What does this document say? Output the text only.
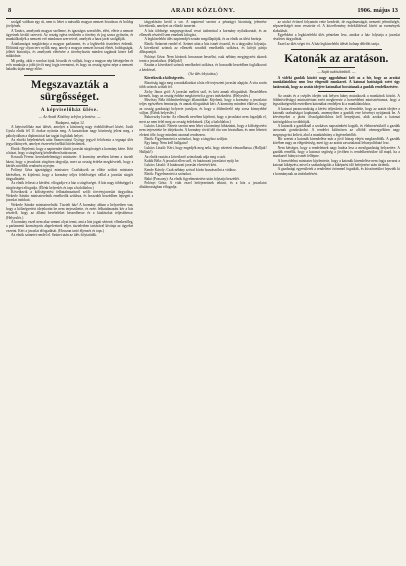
8	ARADI KÖZLÖNY.	1906. május 13

szolgál valóban egy út, nem is lehet a második magyar nemzet hivatásos és boldog jövőjének.

A Tanács, amelynek magyar szelleme, és igazságos szerződés, eléri, elérte a nemzet ügyeinek kiváló szerveit. Az ország egész területén a törvény és jog szava győzzön, és munkálkodjék a nemzeti erő mindazon szerveivel, amelyek a haza javát szolgálják.

Ártatlanságot megkívánja a magyar parlament, és a leghívebb tiszteletet érdemli. Előttünk egy olyan terv nyílik meg, amely a magyar nemzet hosszú életét, boldogságát, jólétét biztosítja, és amelynek elérésére a törvényhozás minden tagjának közre kell működnie.

Mi pedig, akik e sorokat írjuk, hisszük és valljuk, hogy a magyar nép kétségtelen és erős munkája a jobb jövőt meg fogja teremteni, és hogy az ország egész népe a nemzeti haladás útján megy előre.

Megszavazták a sürgősséget.
A képviselőház ülése.
— Az Aradi Közlöny telefon jelentése. —
Budapest, május 12

A képviselőház mai ülését, amelyet a közönség nagy érdeklődéssel kísért, Justh Gyula elnök fél 11 órakor nyitotta meg. A karzatokon nagy közönség jelent meg, a páholyokban a diplomáciai kar tagjai foglaltak helyet.

Az elnöki bejelentések után Szmrecsányi György jegyző felolvasta a tegnapi ülés jegyzőkönyvét, amelyet észrevétel nélkül hitelesítettek.

Elnök: Bejelenti, hogy a napirendre tűzött javaslat sürgősségét a kormány kérte. Kéri a házat, hogy a sürgősség kérdésében határozzon.

Kossuth Ferenc kereskedelemügyi miniszter: A kormány nevében kérem a tisztelt házat, hogy a javaslatot sürgősen tárgyalja, mert az ország érdeke megköveteli, hogy a kérdés mielőbb rendezést nyerjen.

Polónyi Géza igazságügyi miniszter: Csatlakozik az előtte szólott miniszter kéréséhez, és kijelenti, hogy a kormány teljes felelősséget vállal a javaslat sürgős tárgyalásáért.

Az elnök felteszi a kérdést: elfogadja-e a ház a sürgősséget. A ház nagy többséggel a sürgősséget elfogadja. (Élénk helyeslés és taps a baloldalon.)

Következik a költségvetési felhatalmazásról szóló törvényjavaslat tárgyalása. Wekerle Sándor miniszterelnök emelkedik szólásra, és hosszabb beszédben fejtegeti a javaslat indokait.

Wekerle Sándor miniszterelnök: Tisztelt ház! A kormány abban a helyzetben van, hogy a költségvetést idejekorán be nem terjeszthette, és ezért felhatalmazást kér a ház részéről, hogy az állami bevételeket beszedhesse és a kiadásokat teljesíthesse. (Helyeslés.)

A kormány ezzel nem akar semmi olyat tenni, ami a ház jogait sértené, ellenkezőleg, a parlamenti kormányzás alapelveinek teljes tiszteletben tartásával kívánja az ügyeket vezetni. Kéri a javaslat elfogadását. (Hosszan tartó éljenzés és taps.)

Az elnök szünetet rendel el. Szünet után az ülés folytatódik.

tárgyalására kerül a sor. A napirend szerint a pénzügyi bizottság jelentése következik, amelyet az előadó ismertet.

A ház többsége megnyugvással veszi tudomásul a kormány nyilatkozatát, és az ellenzék részéről sem emelnek kifogást.

A legközelebbi ülés napirendjét ezután megállapítják, és az elnök az ülést bezárja.

Elnök: Szünetet rendel el. Szünet után a ház ismét összeül, és a tárgyalást folytatja. A következő szónok az ellenzék soraiból emelkedik szólásra, és kifejti pártja álláspontját.

Polónyi Géza: Nem kívánok hosszasan beszélni, csak néhány megjegyzést akarok tenni a javaslathoz. (Halljuk!)

Ezután a következő szónok emelkedett szólásra, és hosszabb beszédben foglalkozott a kérdéssel.

(Az ülés folytatása.)

Következik a költségvetés.

Bizottság tagja meg a munkálatokat a ház elé terjesztett javaslat alapján. A vita során több szónok szólalt fel.

Zichy János gróf: A javaslat mellett szól, és kéri annak elfogadását. Beszédében kiemeli, hogy az ország érdeke megköveteli a gyors intézkedést. (Helyeslés.)

Mezőssy Béla földművelésügyi államtitkár: Kijelenti, hogy a kormány a javaslatot teljes egészében fenntartja, és annak elfogadását kéri. A kormány mindent elkövet, hogy az ország gazdasági helyzete javuljon, és hogy a földművelő nép sorsa könnyebbé váljon. (Élénk helyeslés.)

Rakovszky István: Az ellenzék nevében kijelenti, hogy a javaslatot nem fogadják el, mert az nem felel meg az ország érdekeinek. (Zaj a baloldalon.)

Lukács László: Nézete szerint nem lehet a kormányt hibáztatni, hogy a költségvetést nem terjesztette be idejekorán. A kormány rövid idő óta van hivatalban, és nem lehetett elvárni tőle, hogy mindent azonnal rendezzen.

Elnök: Figyelmezteti a szónokot, hogy a tárgyhoz szóljon.

Egy hang: Nem kell hallgatni!

Lukács László: Kéri, hogy engedjék meg neki, hogy nézeteit elmondhassa. (Halljuk! Halljuk!)

Az elnök ezután a következő szónoknak adja meg a szót.

Kubik Béla: A javaslat ellen szól, és határozati javaslatot nyújt be.

Lukács László: A határozati javaslat elvetését kéri.

Kende Károly: Csak néhány szóval kíván hozzászólni a vitához.

Elnök: Figyelmezteti a szónokot.

Bakó (Pozsony): Az elnök figyelmeztetése után folytatja beszédét.

Polónyi Géza: A vitát ezzel befejezettnek tekinti, és a ház a javaslatot általánosságban elfogadja.

az utolsó évtized folyamán vette kezdetét, de rugalmasságát, nemzeti jelentőségét, népszerűségét nem vesztette el. A közvélemény érdeklődéssel kíséri az események alakulását.

Egyébként a legközelebbi ülés pénteken lesz, amikor a ház folytatja a javaslat részletes tárgyalását.

Ezzel az ülés véget ért. A ház legközelebbi ülését holnap délelőtt tartja.

Katonák az aratáson.
— Saját tudósítónktól. —

A vidéki gazdák között nagy aggodalmat kelt az a hír, hogy az aratási munkálatokhoz nem lesz elegendő munkaerő. A katonai hatóságok ezért úgy határoztak, hogy az aratás idejére katonákat bocsátanak a gazdák rendelkezésére.

Az aratás és a cséplés idején sok helyen hiány mutatkozik a munkások között. A földmívelésügyi minisztérium ezért megkereste a honvédelmi minisztériumot, hogy a legszükségesebb esetekben katonákat rendeljen ki a munkálatokhoz.

A katonai parancsnokság a kérést teljesítette, és elrendelte, hogy az aratás idejére a katonák szabadságot kaphatnak, amennyiben a gazdák erre kérvényt nyújtanak be. A kérvényeket a járási főszolgabírókhoz kell benyújtani, akik azokat a katonai hatóságokhoz továbbítják.

A katonák a gazdáknál a szokásos napszámbért kapják, és élelmezésükről a gazdák tartoznak gondoskodni. A rendelet különösen az alföldi vármegyékben nagy megnyugvást keltett, ahol a munkáshiány a legérezhetőbb.

Hír szerint a katonák kirendelése már a jövő hónap elején megkezdődik. A gazdák körében nagy az elégedettség, mert így az aratás zavartalanul lebonyolítható lesz.

Nem kétséges, hogy a rendeletnek nagy hatása lesz a mezőgazdaság helyzetére. A gazdák remélik, hogy a katonai segítség a jövőben is rendelkezésükre áll majd, ha a munkaerő hiánya ismét fellépne.

A honvédelmi miniszter kijelentette, hogy a katonák kirendelése nem fogja zavarni a katonai kiképzést, mivel a szabadságolás a kiképzési idő befejezése után történik.

A gazdasági egyesületek a rendeletet örömmel fogadták, és köszönetüket fejezték ki a kormánynak az intézkedésért.
